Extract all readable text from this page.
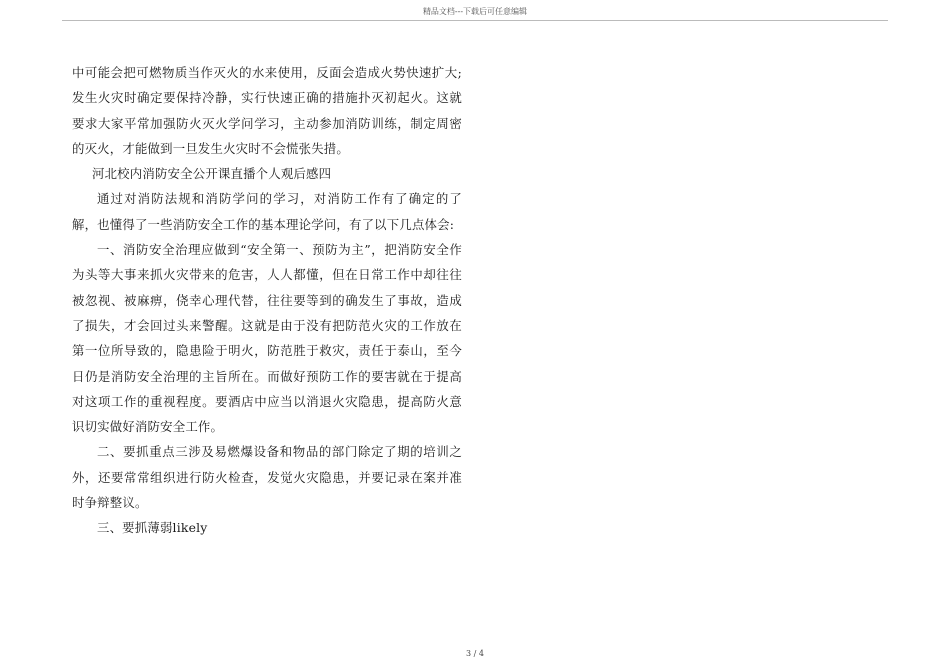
精品文档---下载后可任意编辑

中可能会把可燃物质当作灭火的水来使用，反面会造成火势快速扩大;发生火灾时确定要保持冷静，实行快速正确的措施扑灭初起火。这就要求大家平常加强防火灭火学问学习，主动参加消防训练，制定周密的灭火，才能做到一旦发生火灾时不会慌张失措。

河北校内消防安全公开课直播个人观后感四

通过对消防法规和消防学问的学习，对消防工作有了确定的了解，也懂得了一些消防安全工作的基本理论学问，有了以下几点体会:

一、消防安全治理应做到“安全第一、预防为主”，把消防安全作为头等大事来抓火灾带来的危害，人人都懂，但在日常工作中却往往被忽视、被麻痹，侥幸心理代替，往往要等到的确发生了事故，造成了损失，才会回过头来警醒。这就是由于没有把防范火灾的工作放在第一位所导致的，隐患险于明火，防范胜于救灾，责任于泰山，至今日仍是消防安全治理的主旨所在。而做好预防工作的要害就在于提高对这项工作的重视程度。要酒店中应当以消退火灾隐患，提高防火意识切实做好消防安全工作。

二、要抓重点三涉及易燃爆设备和物品的部门除定了期的培训之外，还要常常组织进行防火检查，发觉火灾隐患，并要记录在案并准时争辩整议。

三、要抓薄弱likely

3 / 4
